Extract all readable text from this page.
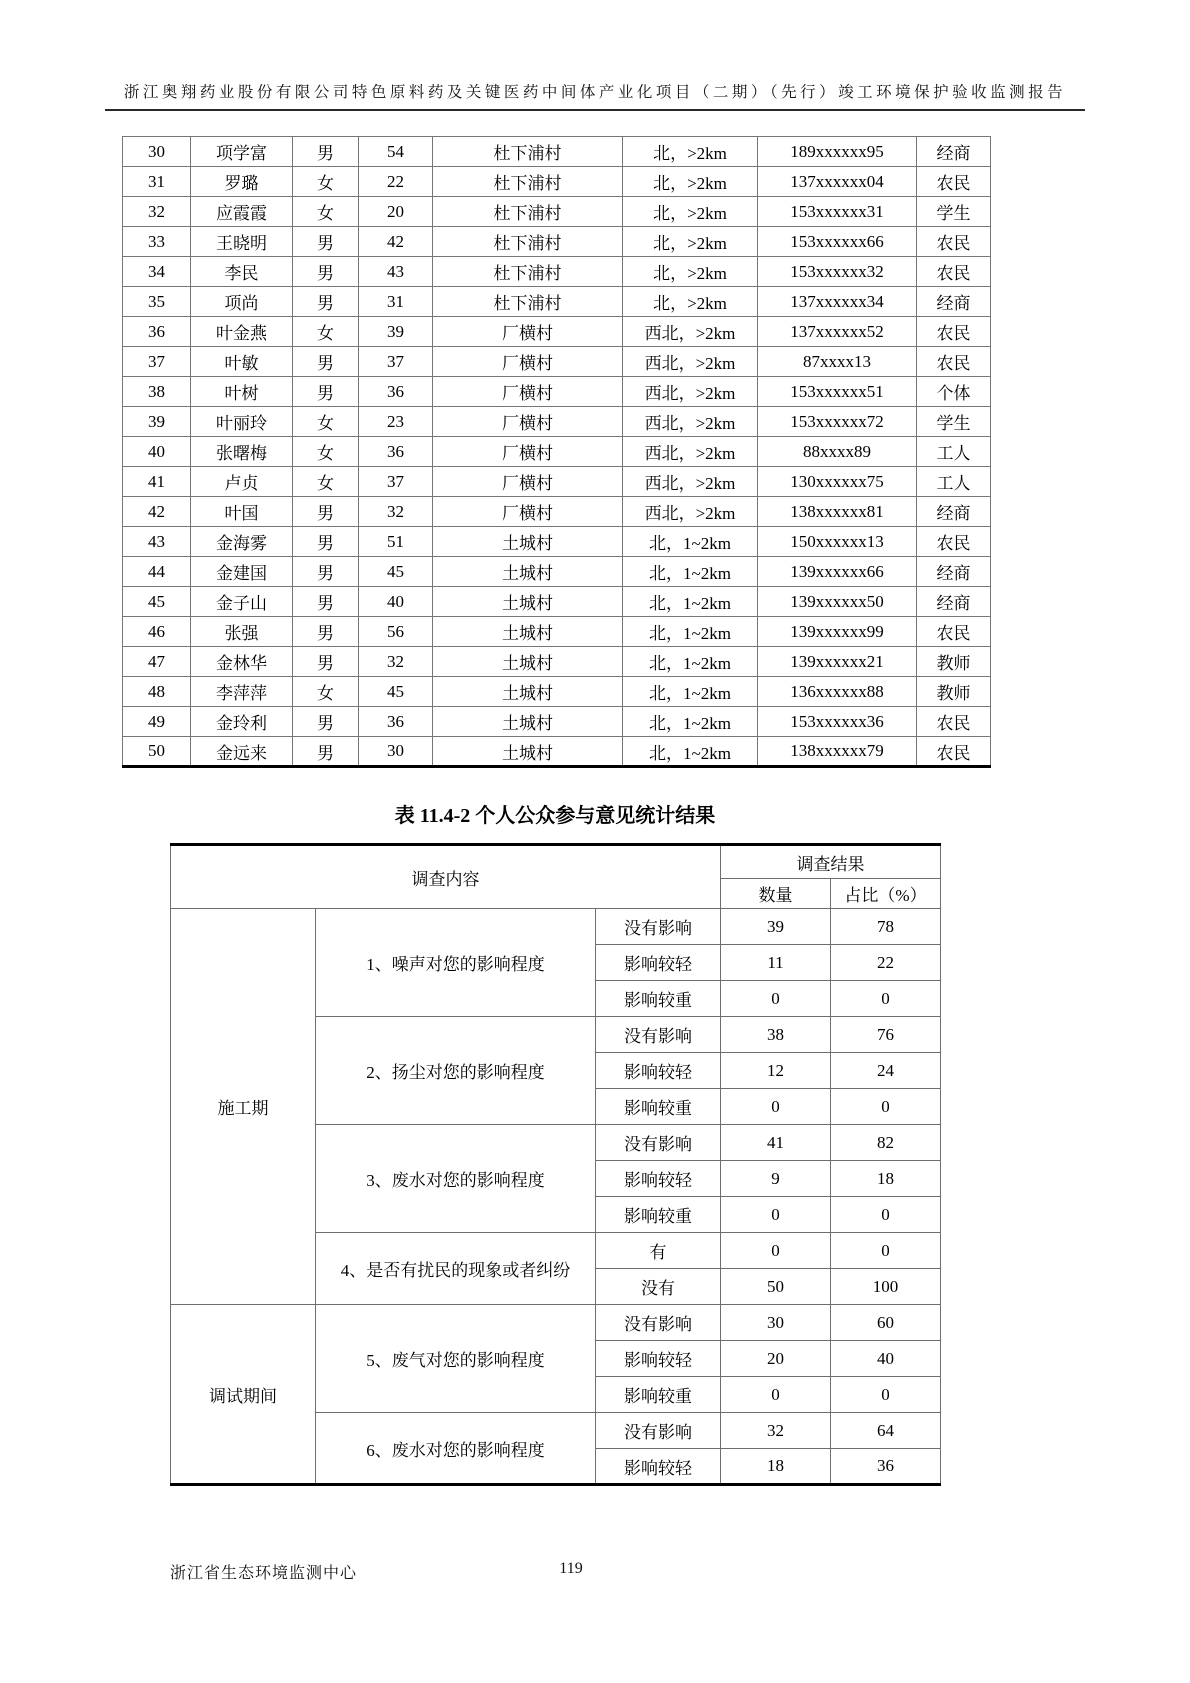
浙江奥翔药业股份有限公司特色原料药及关键医药中间体产业化项目（二期）（先行）竣工环境保护验收监测报告
30	项学富	男	54	杜下浦村	北，>2km	189xxxxxx95	经商
31	罗璐	女	22	杜下浦村	北，>2km	137xxxxxx04	农民
32	应霞霞	女	20	杜下浦村	北，>2km	153xxxxxx31	学生
33	王晓明	男	42	杜下浦村	北，>2km	153xxxxxx66	农民
34	李民	男	43	杜下浦村	北，>2km	153xxxxxx32	农民
35	项尚	男	31	杜下浦村	北，>2km	137xxxxxx34	经商
36	叶金燕	女	39	厂横村	西北，>2km	137xxxxxx52	农民
37	叶敏	男	37	厂横村	西北，>2km	87xxxx13	农民
38	叶树	男	36	厂横村	西北，>2km	153xxxxxx51	个体
39	叶丽玲	女	23	厂横村	西北，>2km	153xxxxxx72	学生
40	张曙梅	女	36	厂横村	西北，>2km	88xxxx89	工人
41	卢贞	女	37	厂横村	西北，>2km	130xxxxxx75	工人
42	叶国	男	32	厂横村	西北，>2km	138xxxxxx81	经商
43	金海雾	男	51	土城村	北，1~2km	150xxxxxx13	农民
44	金建国	男	45	土城村	北，1~2km	139xxxxxx66	经商
45	金子山	男	40	土城村	北，1~2km	139xxxxxx50	经商
46	张强	男	56	土城村	北，1~2km	139xxxxxx99	农民
47	金林华	男	32	土城村	北，1~2km	139xxxxxx21	教师
48	李萍萍	女	45	土城村	北，1~2km	136xxxxxx88	教师
49	金玲利	男	36	土城村	北，1~2km	153xxxxxx36	农民
50	金远来	男	30	土城村	北，1~2km	138xxxxxx79	农民
表 11.4-2 个人公众参与意见统计结果
调查内容			调查结果	
			数量	占比（%）
施工期	1、噪声对您的影响程度	没有影响	39	78
		影响较轻	11	22
		影响较重	0	0
	2、扬尘对您的影响程度	没有影响	38	76
		影响较轻	12	24
		影响较重	0	0
	3、废水对您的影响程度	没有影响	41	82
		影响较轻	9	18
		影响较重	0	0
	4、是否有扰民的现象或者纠纷	有	0	0
		没有	50	100
调试期间	5、废气对您的影响程度	没有影响	30	60
		影响较轻	20	40
		影响较重	0	0
	6、废水对您的影响程度	没有影响	32	64
		影响较轻	18	36
浙江省生态环境监测中心	119
